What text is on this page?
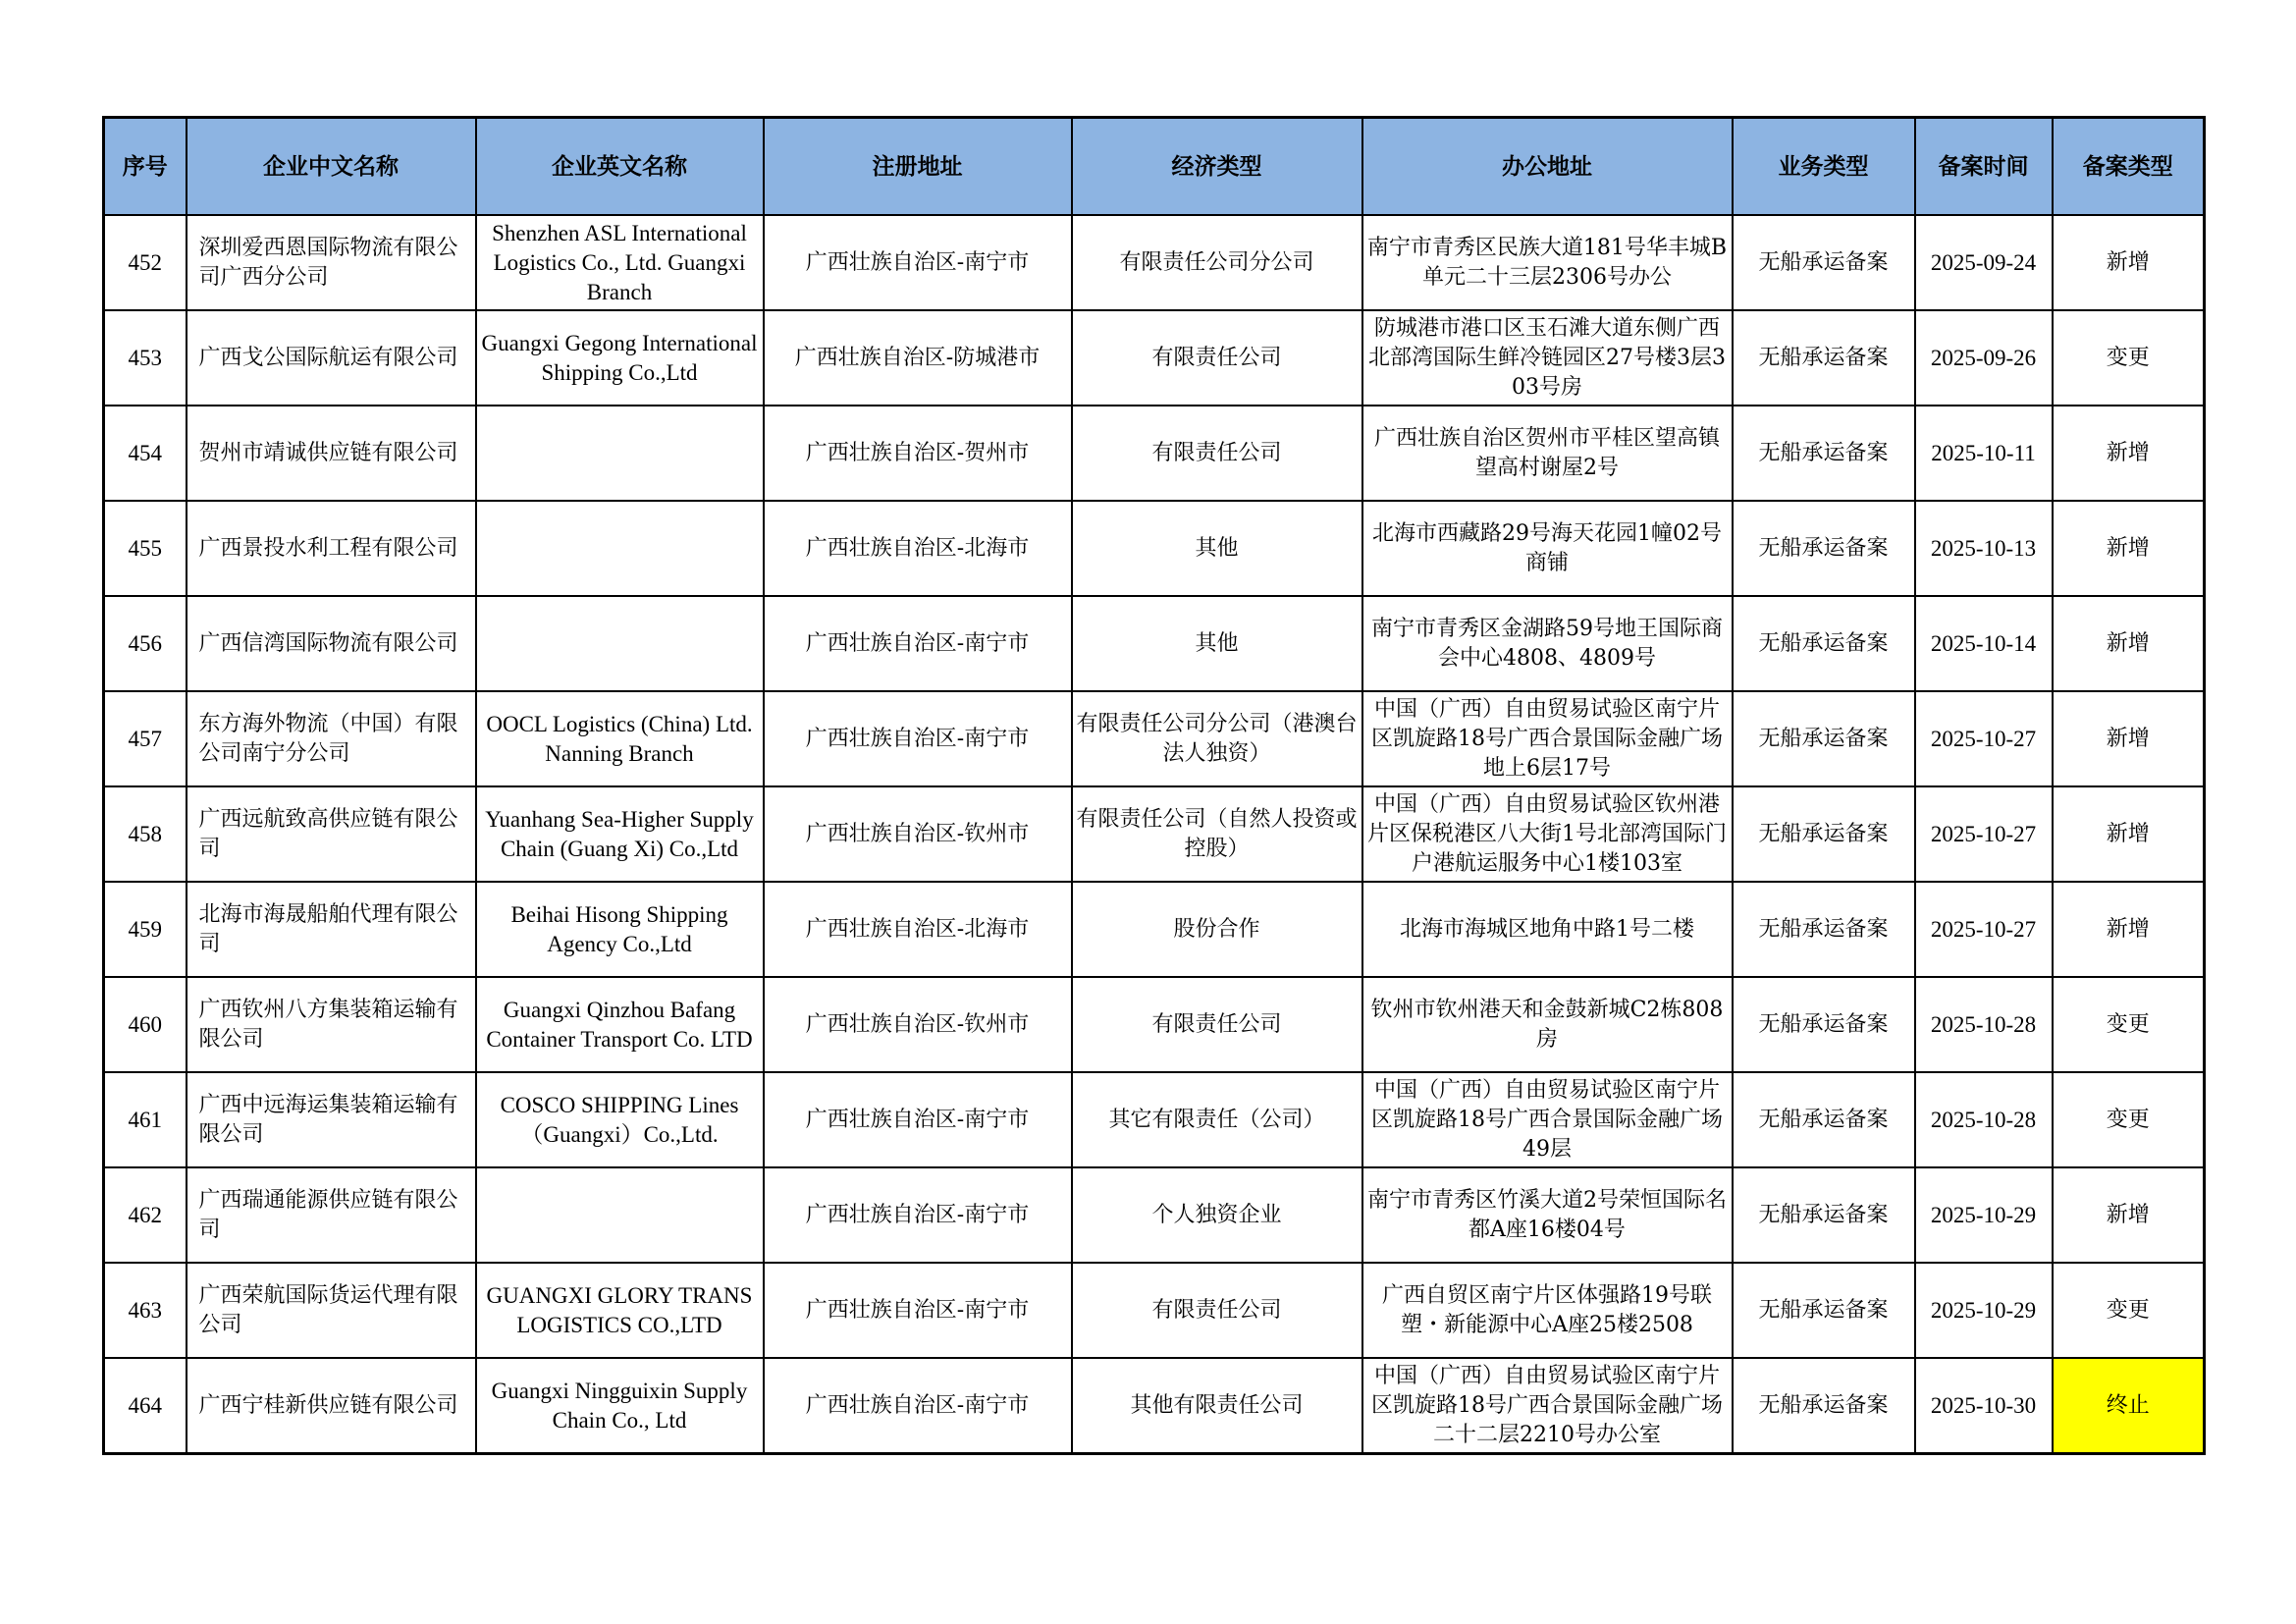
序号	企业中文名称	企业英文名称	注册地址	经济类型	办公地址	业务类型	备案时间	备案类型
452	深圳爱西恩国际物流有限公司广西分公司	Shenzhen ASL International Logistics Co., Ltd. Guangxi Branch	广西壮族自治区-南宁市	有限责任公司分公司	南宁市青秀区民族大道181号华丰城B单元二十三层2306号办公	无船承运备案	2025-09-24	新增
453	广西戈公国际航运有限公司	Guangxi Gegong International Shipping Co.,Ltd	广西壮族自治区-防城港市	有限责任公司	防城港市港口区玉石滩大道东侧广西北部湾国际生鲜冷链园区27号楼3层303号房	无船承运备案	2025-09-26	变更
454	贺州市靖诚供应链有限公司		广西壮族自治区-贺州市	有限责任公司	广西壮族自治区贺州市平桂区望高镇望高村谢屋2号	无船承运备案	2025-10-11	新增
455	广西景投水利工程有限公司		广西壮族自治区-北海市	其他	北海市西藏路29号海天花园1幢02号商铺	无船承运备案	2025-10-13	新增
456	广西信湾国际物流有限公司		广西壮族自治区-南宁市	其他	南宁市青秀区金湖路59号地王国际商会中心4808、4809号	无船承运备案	2025-10-14	新增
457	东方海外物流（中国）有限公司南宁分公司	OOCL Logistics (China) Ltd. Nanning Branch	广西壮族自治区-南宁市	有限责任公司分公司（港澳台法人独资）	中国（广西）自由贸易试验区南宁片区凯旋路18号广西合景国际金融广场地上6层17号	无船承运备案	2025-10-27	新增
458	广西远航致高供应链有限公司	Yuanhang Sea-Higher Supply Chain (Guang Xi) Co.,Ltd	广西壮族自治区-钦州市	有限责任公司（自然人投资或控股）	中国（广西）自由贸易试验区钦州港片区保税港区八大街1号北部湾国际门户港航运服务中心1楼103室	无船承运备案	2025-10-27	新增
459	北海市海晟船舶代理有限公司	Beihai Hisong Shipping Agency Co.,Ltd	广西壮族自治区-北海市	股份合作	北海市海城区地角中路1号二楼	无船承运备案	2025-10-27	新增
460	广西钦州八方集装箱运输有限公司	Guangxi Qinzhou Bafang Container Transport Co. LTD	广西壮族自治区-钦州市	有限责任公司	钦州市钦州港天和金鼓新城C2栋808房	无船承运备案	2025-10-28	变更
461	广西中远海运集装箱运输有限公司	COSCO SHIPPING Lines（Guangxi）Co.,Ltd.	广西壮族自治区-南宁市	其它有限责任（公司）	中国（广西）自由贸易试验区南宁片区凯旋路18号广西合景国际金融广场49层	无船承运备案	2025-10-28	变更
462	广西瑞通能源供应链有限公司		广西壮族自治区-南宁市	个人独资企业	南宁市青秀区竹溪大道2号荣恒国际名都A座16楼04号	无船承运备案	2025-10-29	新增
463	广西荣航国际货运代理有限公司	GUANGXI GLORY TRANS LOGISTICS CO.,LTD	广西壮族自治区-南宁市	有限责任公司	广西自贸区南宁片区体强路19号联塑・新能源中心A座25楼2508	无船承运备案	2025-10-29	变更
464	广西宁桂新供应链有限公司	Guangxi Ningguixin Supply Chain Co., Ltd	广西壮族自治区-南宁市	其他有限责任公司	中国（广西）自由贸易试验区南宁片区凯旋路18号广西合景国际金融广场二十二层2210号办公室	无船承运备案	2025-10-30	终止
